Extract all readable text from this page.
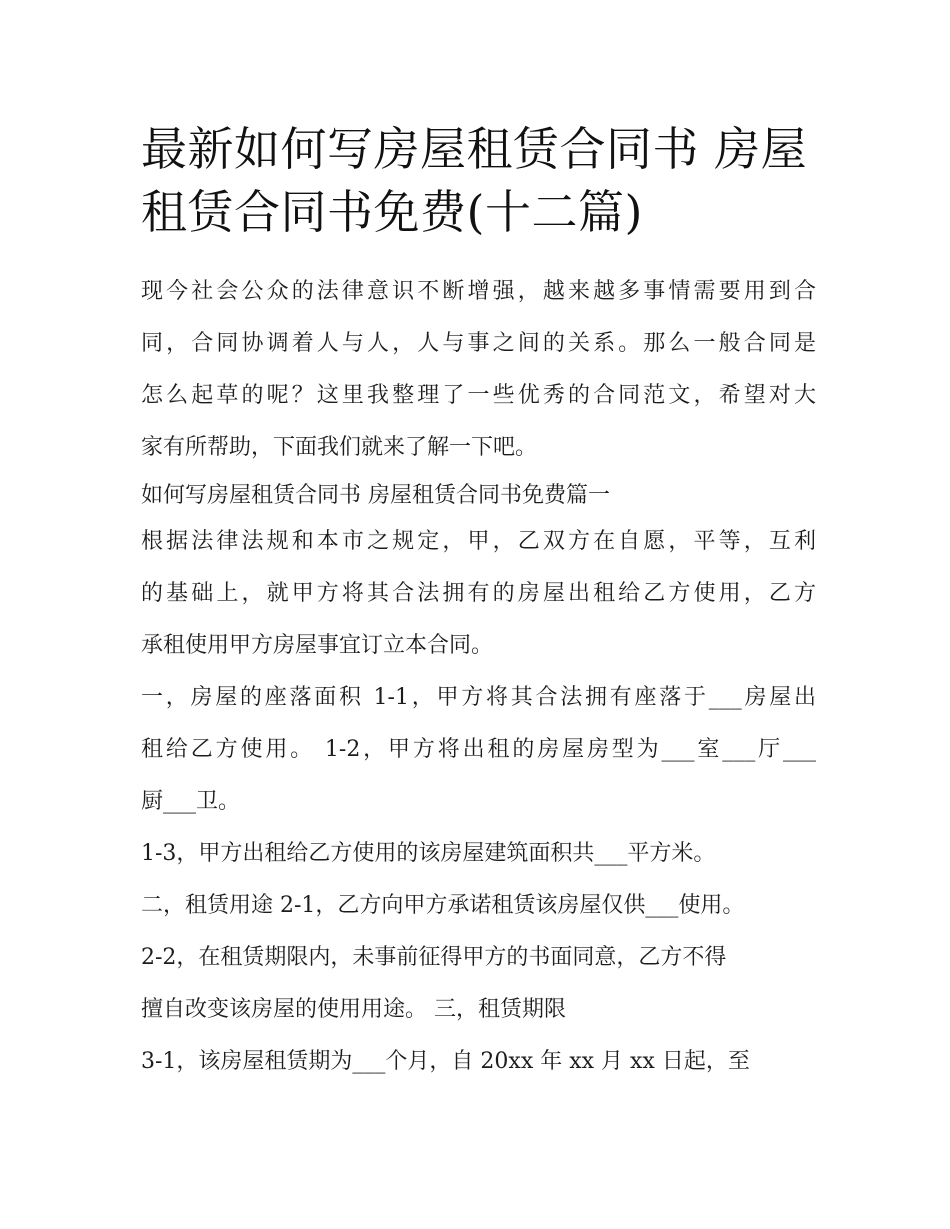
最新如何写房屋租赁合同书 房屋租赁合同书免费(十二篇)
现今社会公众的法律意识不断增强，越来越多事情需要用到合
同，合同协调着人与人，人与事之间的关系。那么一般合同是
怎么起草的呢？这里我整理了一些优秀的合同范文，希望对大
家有所帮助，下面我们就来了解一下吧。
如何写房屋租赁合同书 房屋租赁合同书免费篇一
根据法律法规和本市之规定，甲，乙双方在自愿，平等，互利
的基础上，就甲方将其合法拥有的房屋出租给乙方使用，乙方
承租使用甲方房屋事宜订立本合同。
一，房屋的座落面积 1-1，甲方将其合法拥有座落于___房屋出
租给乙方使用。 1-2，甲方将出租的房屋房型为___室___厅___
厨___卫。
1-3，甲方出租给乙方使用的该房屋建筑面积共___平方米。
二，租赁用途 2-1，乙方向甲方承诺租赁该房屋仅供___使用。
2-2，在租赁期限内，未事前征得甲方的书面同意，乙方不得
擅自改变该房屋的使用用途。 三，租赁期限
3-1，该房屋租赁期为___个月，自 20xx 年 xx 月 xx 日起，至
